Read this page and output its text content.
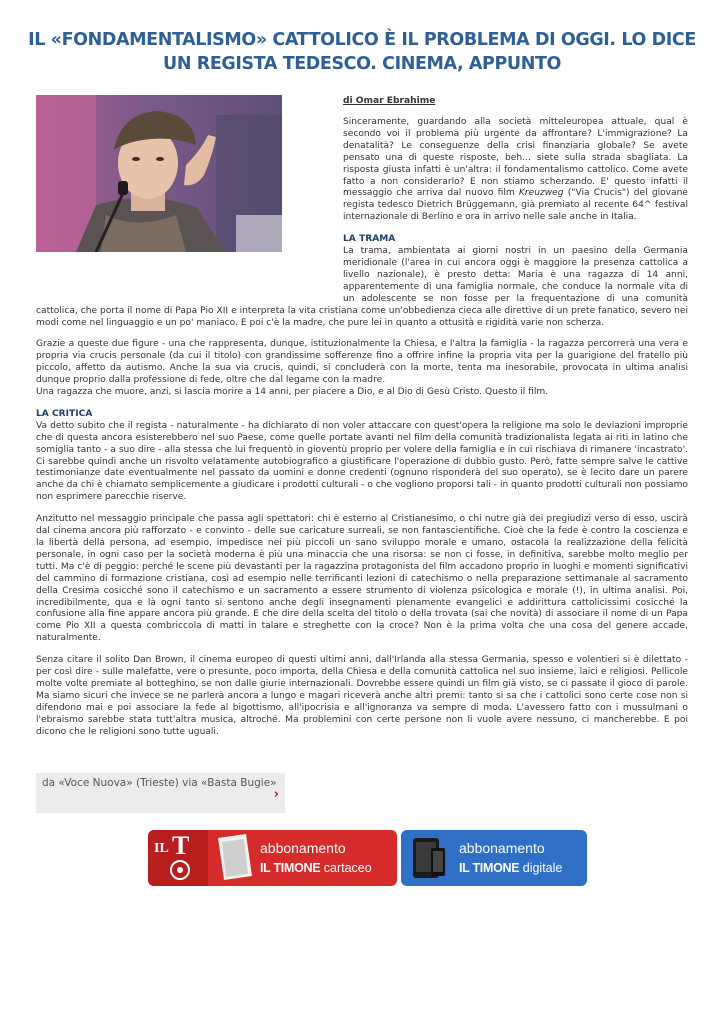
IL «FONDAMENTALISMO» CATTOLICO È IL PROBLEMA DI OGGI. LO DICE UN REGISTA TEDESCO. CINEMA, APPUNTO
di Omar Ebrahime

Sinceramente, guardando alla società mitteleuropea attuale, qual è secondo voi il problema più urgente da affrontare? L'immigrazione? La denatalità? Le conseguenze della crisi finanziaria globale? Se avete pensato una di queste risposte, beh... siete sulla strada sbagliata. La risposta giusta infatti è un'altra: il fondamentalismo cattolico. Come avete fatto a non considerarlo? E non stiamo scherzando. E' questo infatti il messaggio che arriva dal nuovo film Kreuzweg ("Via Crucis") del giovane regista tedesco Dietrich Brüggemann, già premiato al recente 64^ festival internazionale di Berlino e ora in arrivo nelle sale anche in Italia.

LA TRAMA
La trama, ambientata ai giorni nostri in un paesino della Germania meridionale (l'area in cui ancora oggi è maggiore la presenza cattolica a livello nazionale), è presto detta: Maria è una ragazza di 14 anni, apparentemente di una famiglia normale, che conduce la normale vita di un adolescente se non fosse per la frequentazione di una comunità cattolica, che porta il nome di Papa Pio XII e interpreta la vita cristiana come un'obbedienza cieca alle direttive di un prete fanatico, severo nei modi come nel linguaggio e un po' maniaco. E poi c'è la madre, che pure lei in quanto a ottusità e rigidità varie non scherza.

Grazie a queste due figure - una che rappresenta, dunque, istituzionalmente la Chiesa, e l'altra la famiglia - la ragazza percorrerà una vera e propria via crucis personale (da cui il titolo) con grandissime sofferenze fino a offrire infine la propria vita per la guarigione del fratello più piccolo, affetto da autismo. Anche la sua via crucis, quindi, si concluderà con la morte, tenta ma inesorabile, provocata in ultima analisi dunque proprio dalla professione di fede, oltre che dal legame con la madre.

Una ragazza che muore, anzi, si lascia morire a 14 anni, per piacere a Dio, e al Dio di Gesù Cristo. Questo il film.

LA CRITICA
Va detto subito che il regista - naturalmente - ha dichiarato di non voler attaccare con quest'opera la religione ma solo le deviazioni improprie che di questa ancora esisterebbero nel suo Paese, come quelle portate avanti nel film della comunità tradizionalista legata ai riti in latino che somiglia tanto - a suo dire - alla stessa che lui frequentò in gioventù proprio per volere della famiglia e in cui rischiava di rimanere 'incastrato'. Ci sarebbe quindi anche un risvolto velatamente autobiografico a giustificare l'operazione di dubbio gusto. Però, fatte sempre salve le cattive testimonianze date eventualmente nel passato da uomini e donne credenti (ognuno risponderà del suo operato), se è lecito dare un parere anche da chi è chiamato semplicemente a giudicare i prodotti culturali - o che vogliono proporsi tali - in quanto prodotti culturali non possiamo non esprimere parecchie riserve.

Anzitutto nel messaggio principale che passa agli spettatori: chi è esterno al Cristianesimo, o chi nutre già dei pregiudizi verso di esso, uscirà dal cinema ancora più rafforzato - e convinto - delle sue caricature surreali, se non fantascientifiche. Cioè che la fede è contro la coscienza e la libertà della persona, ad esempio, impedisce nei più piccoli un sano sviluppo morale e umano, ostacola la realizzazione della felicità personale, in ogni caso per la società moderna è più una minaccia che una risorsa: se non ci fosse, in definitiva, sarebbe molto meglio per tutti. Ma c'è di peggio: perché le scene più devastanti per la ragazzina protagonista del film accadono proprio in luoghi e momenti significativi del cammino di formazione cristiana, così ad esempio nelle terrificanti lezioni di catechismo o nella preparazione settimanale al sacramento della Cresima cosicché sono il catechismo e un sacramento a essere strumento di violenza psicologica e morale (!), in ultima analisi. Poi, incredibilmente, qua e là ogni tanto si sentono anche degli insegnamenti pienamente evangelici e addirittura cattolicissimi cosicché la confusione alla fine appare ancora più grande. E che dire della scelta del titolo o della trovata (sai che novità) di associare il nome di un Papa come Pio XII a questa combriccola di matti in talare e streghette con la croce? Non è la prima volta che una cosa del genere accade, naturalmente.

Senza citare il solito Dan Brown, il cinema europeo di questi ultimi anni, dall'Irlanda alla stessa Germania, spesso e volentieri si è dilettato - per così dire - sulle malefatte, vere o presunte, poco importa, della Chiesa e della comunità cattolica nel suo insieme, laici e religiosi. Pellicole molte volte premiate al botteghino, se non dalle giurie internazionali. Dovrebbe essere quindi un film già visto, se ci passate il gioco di parole. Ma siamo sicuri che invece se ne parlerà ancora a lungo e magari riceverà anche altri premi: tanto si sa che i cattolici sono certe cose non si difendono mai e poi associare la fede al bigottismo, all'ipocrisia e all'ignoranza va sempre di moda. L'avessero fatto con i mussulmani o l'ebraismo sarebbe stata tutt'altra musica, altroché. Ma problemini con certe persone non li vuole avere nessuno, ci mancherebbe. E poi dicono che le religioni sono tutte uguali.

da «Voce Nuova» (Trieste) via «Basta Bugie»
›
IL T	abbonamento
IL TIMONE cartaceo
abbonamento
IL TIMONE digitale
